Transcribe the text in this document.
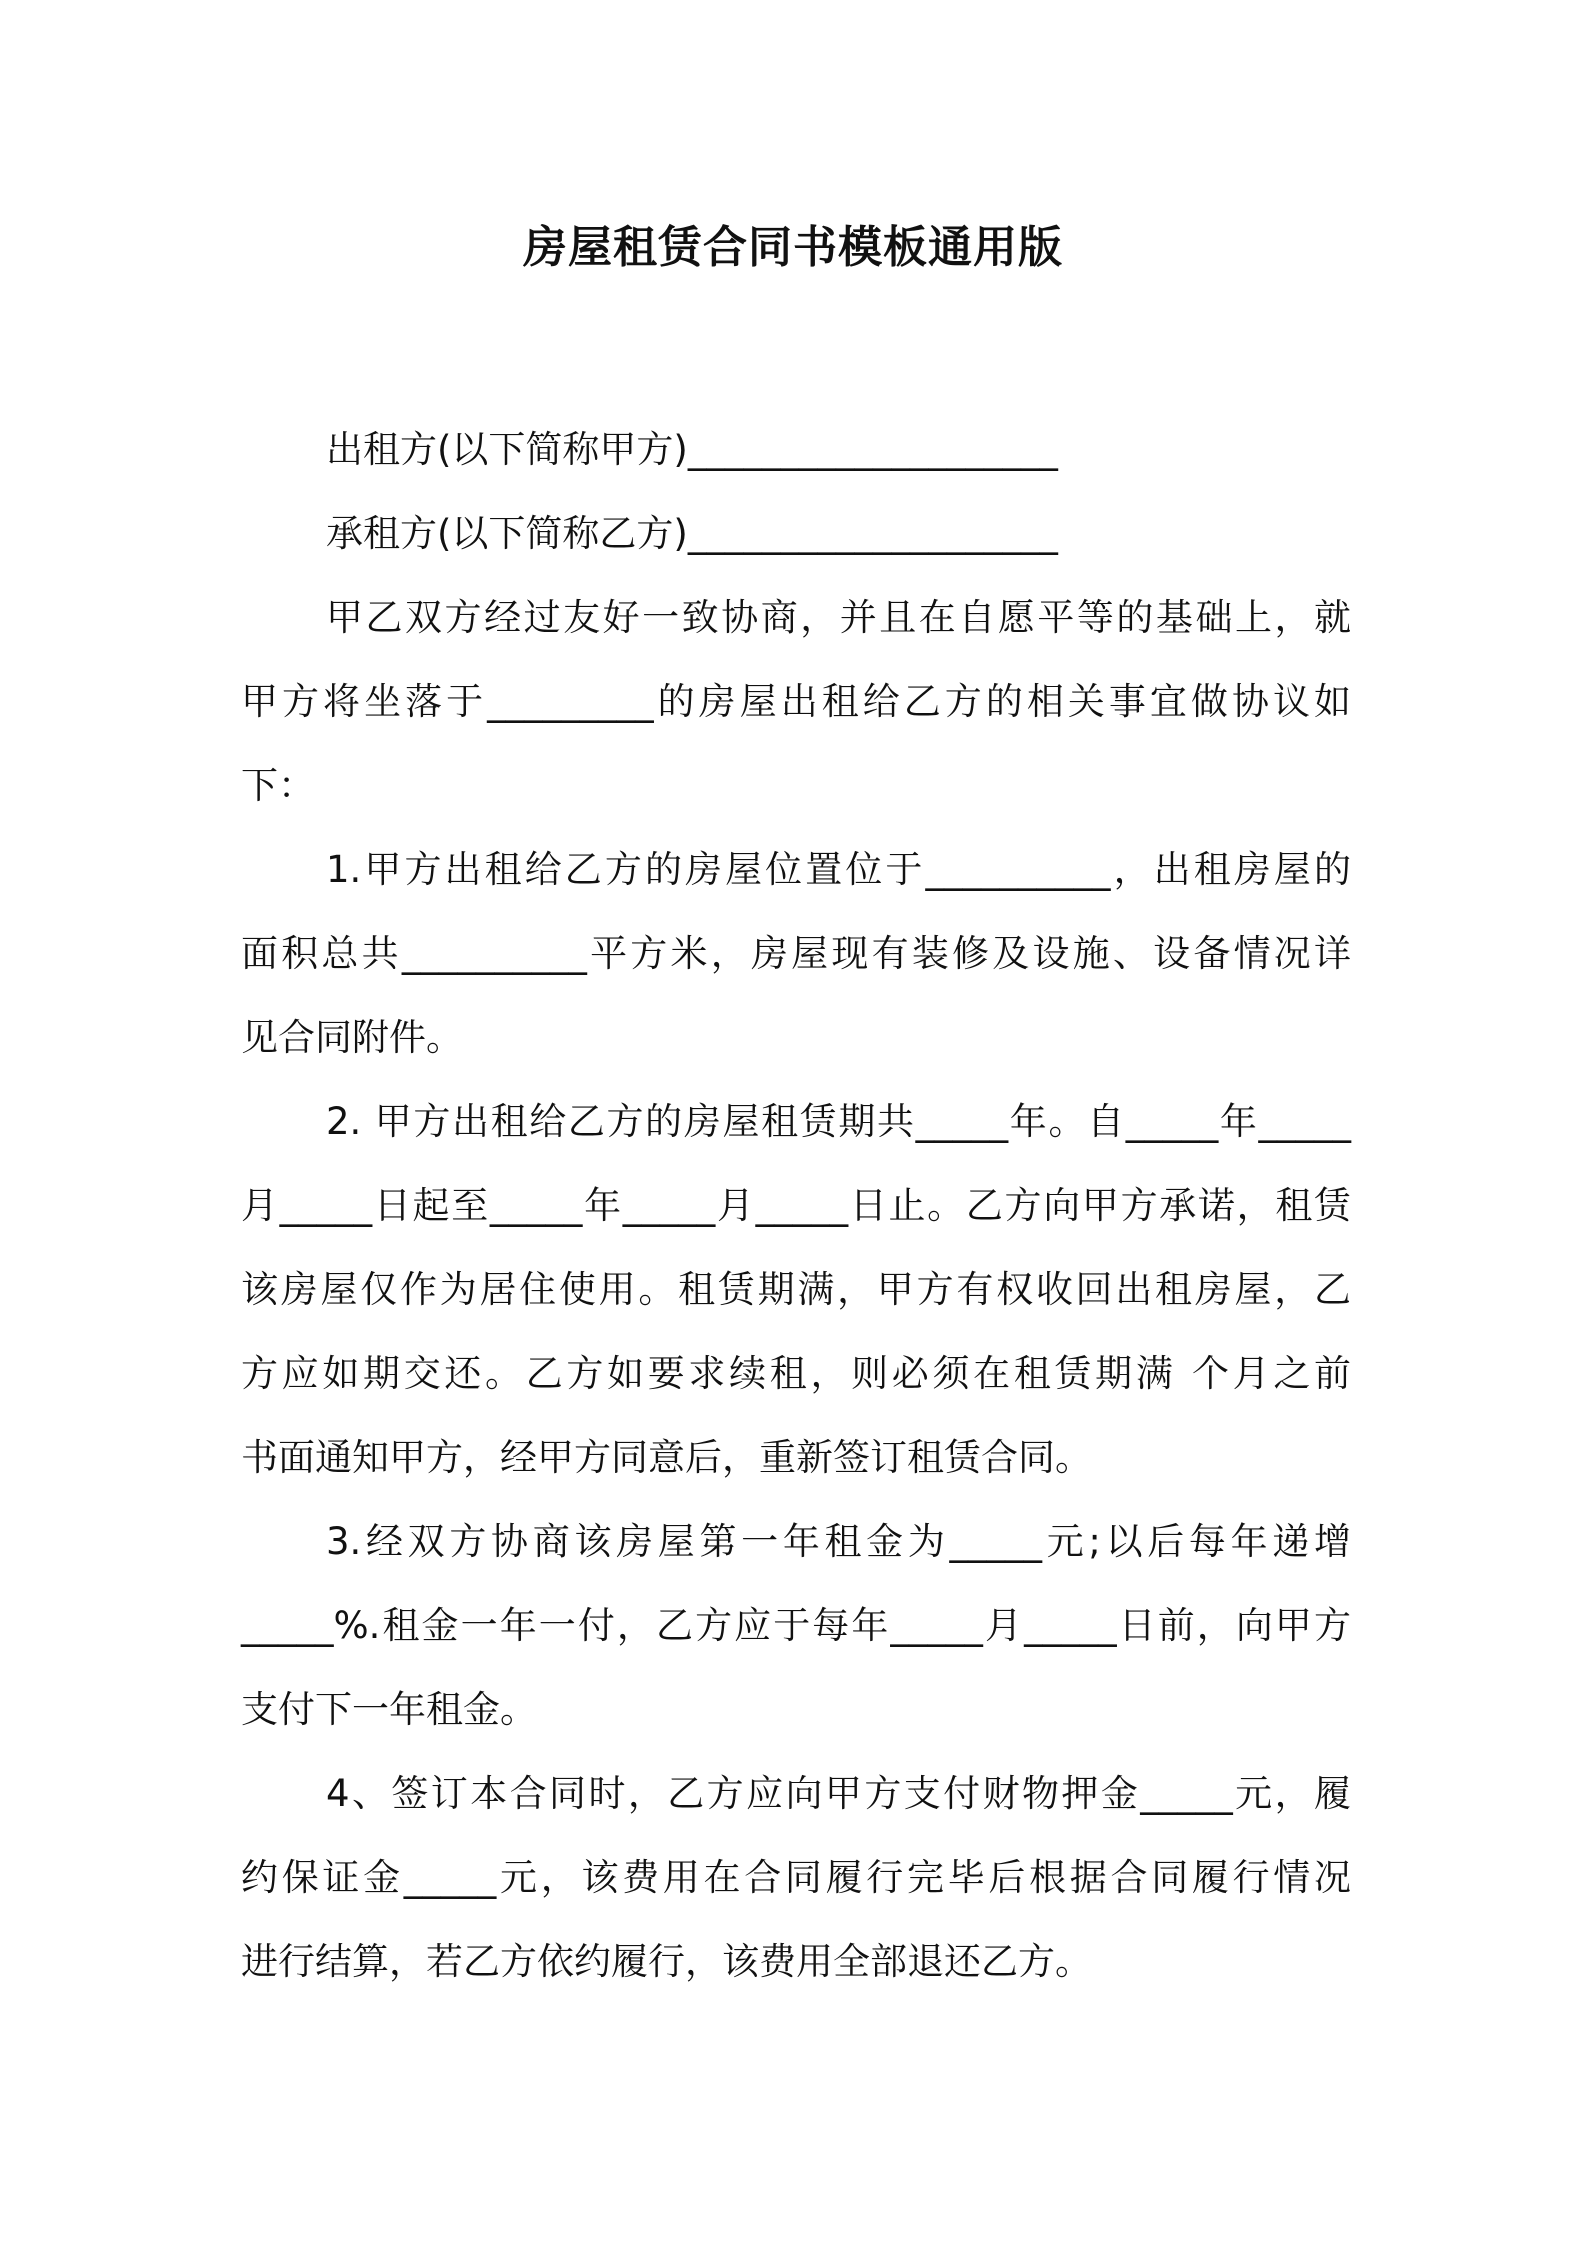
房屋租赁合同书模板通用版

出租方(以下简称甲方)____________________

承租方(以下简称乙方)____________________

甲乙双方经过友好一致协商，并且在自愿平等的基础上，就

甲方将坐落于_________的房屋出租给乙方的相关事宜做协议如

下：

1.甲方出租给乙方的房屋位置位于__________，出租房屋的

面积总共__________平方米，房屋现有装修及设施、设备情况详

见合同附件。

2. 甲方出租给乙方的房屋租赁期共_____年。自_____年_____

月_____日起至_____年_____月_____日止。乙方向甲方承诺，租赁

该房屋仅作为居住使用。租赁期满，甲方有权收回出租房屋，乙

方应如期交还。乙方如要求续租，则必须在租赁期满 个月之前

书面通知甲方，经甲方同意后，重新签订租赁合同。

3.经双方协商该房屋第一年租金为_____元;以后每年递增

_____%.租金一年一付，乙方应于每年_____月_____日前，向甲方

支付下一年租金。

4、签订本合同时，乙方应向甲方支付财物押金_____元，履

约保证金_____元，该费用在合同履行完毕后根据合同履行情况

进行结算，若乙方依约履行，该费用全部退还乙方。
